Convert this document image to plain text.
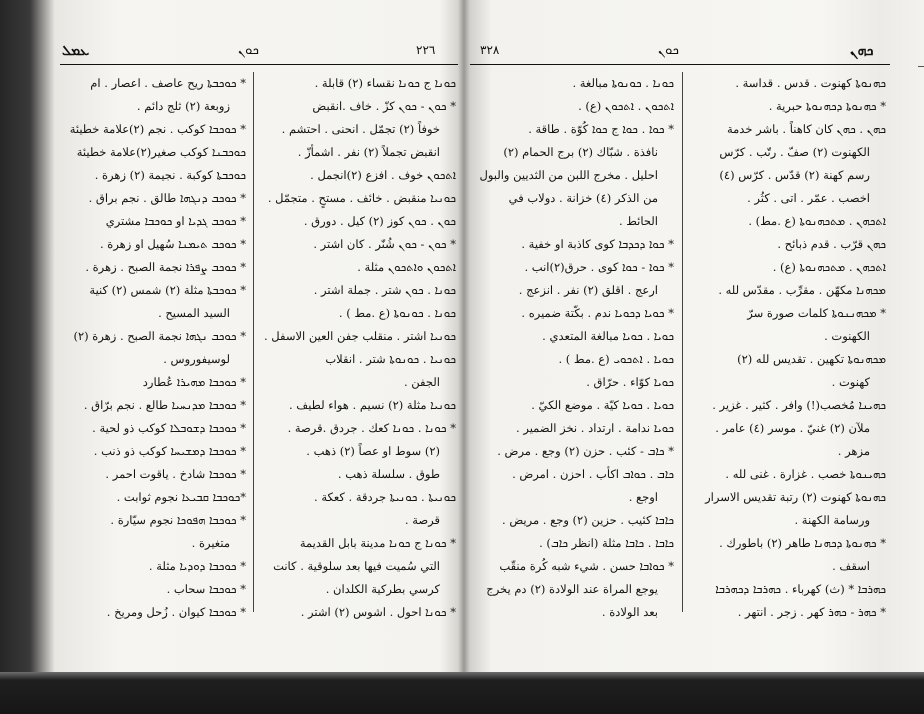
ܥܡܠ	ܟܘܢ	٢٢٦
* ܟܘܟܒܬܐ ريح عاصف . اعصار . ام
زوبعة (٢) ثلج دائم .
* ܟܘܟܒܐ كوكب . نجم (٢)علامة خطيئة
ܟܘܟܒܢܐ كوكب صغير(٢)علامة خطيئة
ܟܘܟܒܬܐ كوكبة . نجيمة (٢) زهرة .
* ܟܘܟܒ ܕܢܓܗܐ طالق . نجم براق .
* ܟܘܟܒ ܓܕܝܐ او ܟܘܟܒܐ مشتري
* ܟܘܟܒ ܬܝܡܢܐ سُهيل او زهرة .
* ܟܘܟܒ ܨܦܪܐ نجمة الصبح . زهرة .
* ܟܘܟܒܬܐ مثلة (٢) شمس (٢) كنية
السيد المسيح .
* ܟܘܟܒ ܢܓܗܐ نجمة الصبح . زهرة (٢)
لوسيفوروس .
* ܟܘܟܒܐ ܡܗܝܪܐ عُطارد
* ܟܘܟܒܐ ܡܕܢܚܝܐ طالع . نجم برّاق .
* ܟܘܟܒܐ ܕܫܘܒܠܐ كوكب ذو لحية .
* ܟܘܟܒܐ ܕܡܫܝܚܐ كوكب ذو ذنب .
* ܟܘܟܒܐ شادخ . ياقوت احمر .
*ܟܘܟܒܐ ܩܒܝܥܐ نجوم ثوابت .
* ܟܘܟܒܐ ܗܦܘܟܐ نجوم سيّارة .
متغيرة .
* ܟܘܟܒܐ ܕܘܕܝܐ مثلة .
* ܟܘܟܒܐ سحاب .
* ܟܘܟܒܐ كيوان . زُحل ومريخ .
ܟܘܢܐ ج ܟܘܢܐ نقساء (٢) قابلة .
* ܟܘܢ - ܟܘܢ كزّ . خاف .انقبض
خوفاً (٢) تجمّل . انحنى . احتشم .
انقبض تجملاً (٢) نفر . اشمأزّ .
ܐܬܟܘܢ خوف . افزع (٢)انجمل .
ܟܘܢܝܐ منقبض . خائف . مستحٍ . متجمّل .
ܟܘܢ . ܟܘܢ كوز (٢) كيل . دورق .
* ܟܘܢ - ܟܘܢ شُنّر . كان اشتر .
ܐܬܟܘܢ ܘܐܬܟܘܢ مثلة .
ܟܘܢܐ . ܟܘܢ شتر . جملة اشتر .
ܟܘܢܐ . ܟܘܢܘܬܐ (ع .مط ) .
ܟܘܢܝܐ اشتر . منقلب جفن العين الاسفل .
ܟܘܢܝܐ . ܟܘܢܘܬܐ شتر . انقلاب
الجفن .
ܟܘܢܝܐ مثلة (٢) نسيم . هواء لطيف .
* ܟܘܢܐ . ܟܘܢܐ كعك . جردق .قرصة .
(٢) سوط او عصاً (٢) ذهب .
طوق . سلسلة ذهب .
ܟܘܢܝܬܐ . ܟܘܢܝܬܐ جردقة . كعكة .
قرصة .
* ܟܘܢܐ ج ܟܘܢܐ مدينة بابل القديمة
التي سُميت فيها بعد سلوقية . كانت
كرسي بطركية الكلدان .
* ܟܘܢܐ احول . اشوس (٢) اشتر .
٣٢٨	ܟܘܢ	ܟܗܢ
ܟܘܢܐ . ܟܘܢܘܬܐ مبالغة .
ܐܬܟܘܢ . ܐܬܟܘܢ (ع) .
* ܟܘܐ . ܟܘܐ ج ܟܘܐ كُوّة . طاقة .
نافذة . شبّاك (٢) برج الحمام (٢)
احليل . مخرج اللبن من الثديين والبول
من الذكر (٤) خزانة . دولاب في
الحائط .
* ܟܘܐ ܕܟܕܒܐ كوى كاذبة او خفية .
* ܟܘܐ - ܟܘܐ كوى . حرق(٢)انب .
ارعج . اقلق (٢) نفر . انزعج .
* ܟܘܝܐ ܕܟܘܝܐ ندم . بكّتة ضميره .
ܟܘܝܐ . ܟܘܝܐ مبالغة المتعدي .
ܟܘܝܐ . ܐܬܟܘܝ (ع .مط ) .
ܟܘܝܐ كوّاء . حرّاق .
ܟܘܝܐ . ܟܘܝܐ كيّة . موضع الكيّ .
ܟܘܝܐ ندامة . ارتداد . نخز الضمير .
* ܟܐܒ - كئب . حزن (٢) وجع . مرض .
ܟܐܒ . ܟܘܐܒ اكأب . احزن . امرض .
اوجع .
ܟܐܒܐ كئيب . حزين (٢) وجع . مريض .
ܟܐܒܐ . ܟܐܒܐ مثلة (انظر ܟܐܒ) .
* ܟܘܐܒܐ حسن . شيء شبه كُرة منقّب
يوجع المراة عند الولادة (٢) دم يخرج
بعد الولادة .
ܟܗܢܘܬܐ كهنوت . قدس . قداسة .
* ܟܗܢܘܬܐ ܕܟܗܢܘܬܐ حبرية .
ܟܗܢ . ܟܗܢ كان كاهناً . باشر خدمة
الكهنوت (٢) صفّ . رتّب . كرّس
رسم كهنة (٢) قدّس . كرّس (٤)
اخصب . عمّر . اتى . كثُر .
ܐܬܟܗܢ . ܡܬܟܗܢܘܬܐ (ع .مط) .
ܟܗܢ قرّب . قدم ذبائح .
ܐܬܟܗܢ . ܡܬܟܗܢܘܬܐ (ع) .
ܡܟܗܢܐ مكهّن . مقرِّب . مقدّس لله .
* ܡܟܗܢܢܘܬܐ كلمات صورة سرّ
الكهنوت .
ܡܟܗܢܘܬܐ تكهين . تقديس لله (٢)
كهنوت .
ܟܗܝܢܐ مُخصب(!) وافر . كثير . غزير .
ملآن (٢) غنيّ . موسر (٤) عامر .
مزهر .
ܟܗܝܢܘܬܐ خصب . غزارة . غنى لله .
ܟܗܢܘܬܐ كهنوت (٢) رتبة تقديس الاسرار
ورسامة الكهنة .
* ܟܗܢܘܬܐ ܕܟܗܢܐ طاهر (٢) باطورك .
اسقف .
ܟܗܪܒܐ * (ث) كهرباء . ܟܗܪܒܐ ܕܟܗܪܒܐ
* ܟܗܪ - ܟܗܪ كهر . زجر . انتهر .
